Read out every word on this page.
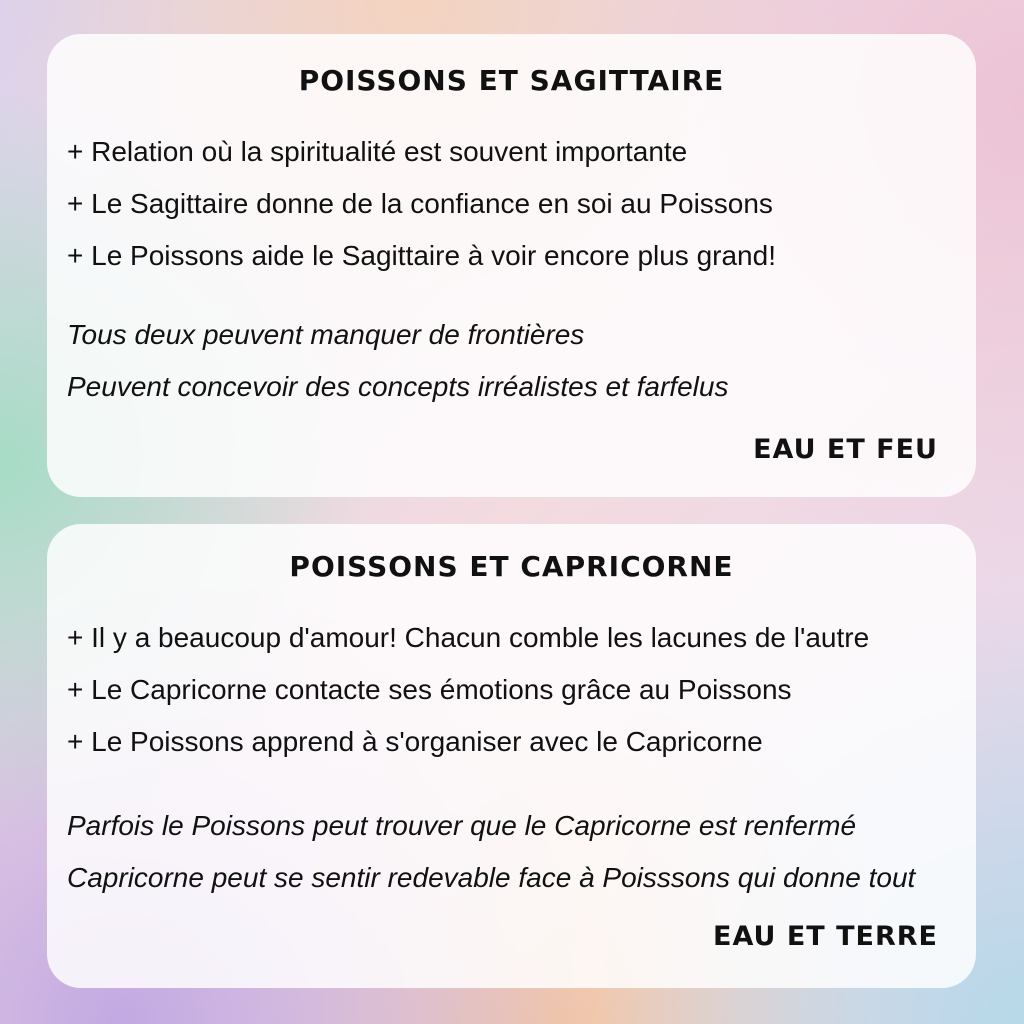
POISSONS ET SAGITTAIRE
+ Relation où la spiritualité est souvent importante
+ Le Sagittaire donne de la confiance en soi au Poissons
+ Le Poissons aide le Sagittaire à voir encore plus grand!
Tous deux peuvent manquer de frontières
Peuvent concevoir des concepts irréalistes et farfelus

EAU ET FEU

POISSONS ET CAPRICORNE
+ Il y a beaucoup d'amour! Chacun comble les lacunes de l'autre
+ Le Capricorne contacte ses émotions grâce au Poissons
+ Le Poissons apprend à s'organiser avec le Capricorne
Parfois le Poissons peut trouver que le Capricorne est renfermé
Capricorne peut se sentir redevable face à Poisssons qui donne tout

EAU ET TERRE
